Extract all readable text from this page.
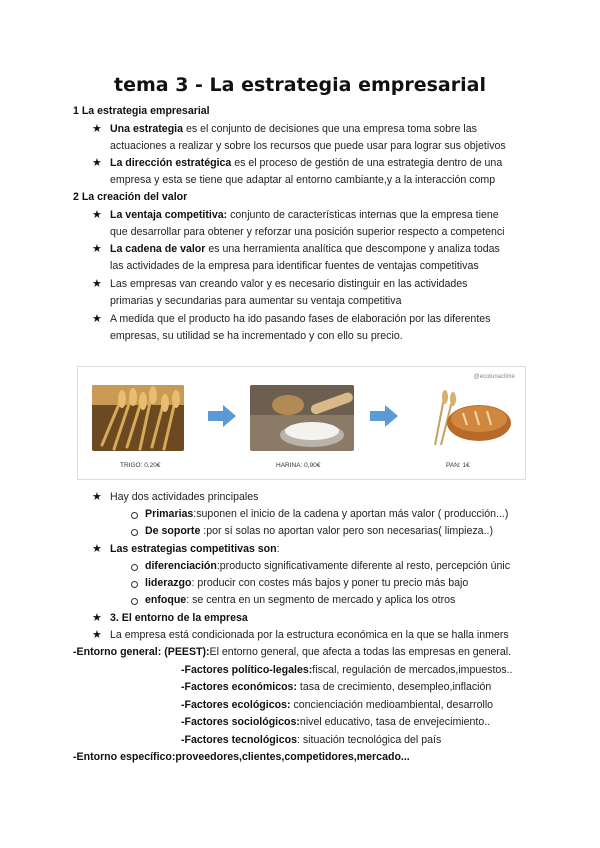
tema 3 - La estrategia empresarial
1 La estrategia empresarial
★ Una estrategia es el conjunto de decisiones que una empresa toma sobre las
actuaciones a realizar y sobre los recursos que puede usar para lograr sus objetivos
★ La dirección estratégica es el proceso de gestión de una estrategia dentro de una
empresa y esta se tiene que adaptar al entorno cambiante,y a la interacción comp
2 La creación del valor
★ La ventaja competitiva: conjunto de características internas que la empresa tiene
que desarrollar para obtener y reforzar una posición superior respecto a competenci
★ La cadena de valor es una herramienta analítica que descompone y analiza todas
las actividades de la empresa para identificar fuentes de ventajas competitivas
★ Las empresas van creando valor y es necesario distinguir en las actividades
primarias y secundarias para aumentar su ventaja competitiva
★ A medida que el producto ha ido pasando fases de elaboración por las diferentes
empresas, su utilidad se ha incrementado y con ello su precio.
@ecotunaclime
TRIGO: 0,20€	HARINA: 0,90€	PAN: 1€
★ Hay dos actividades principales
Primarias:suponen el inicio de la cadena y aportan más valor ( producción...)
De soporte :por sí solas no aportan valor pero son necesarias( limpieza..)
★ Las estrategias competitivas son:
diferenciación:producto significativamente diferente al resto, percepción únic
liderazgo: producir con costes más bajos y poner tu precio más bajo
enfoque: se centra en un segmento de mercado y aplica los otros
★ 3. El entorno de la empresa
★ La empresa está condicionada por la estructura económica en la que se halla inmers
-Entorno general: (PEEST):El entorno general, que afecta a todas las empresas en general.
-Factores político-legales:fiscal, regulación de mercados,impuestos..
-Factores económicos: tasa de crecimiento, desempleo,inflación
-Factores ecológicos: concienciación medioambiental, desarrollo
-Factores sociológicos:nivel educativo, tasa de envejecimiento..
-Factores tecnológicos: situación tecnológica del país
-Entorno específico:proveedores,clientes,competidores,mercado...
